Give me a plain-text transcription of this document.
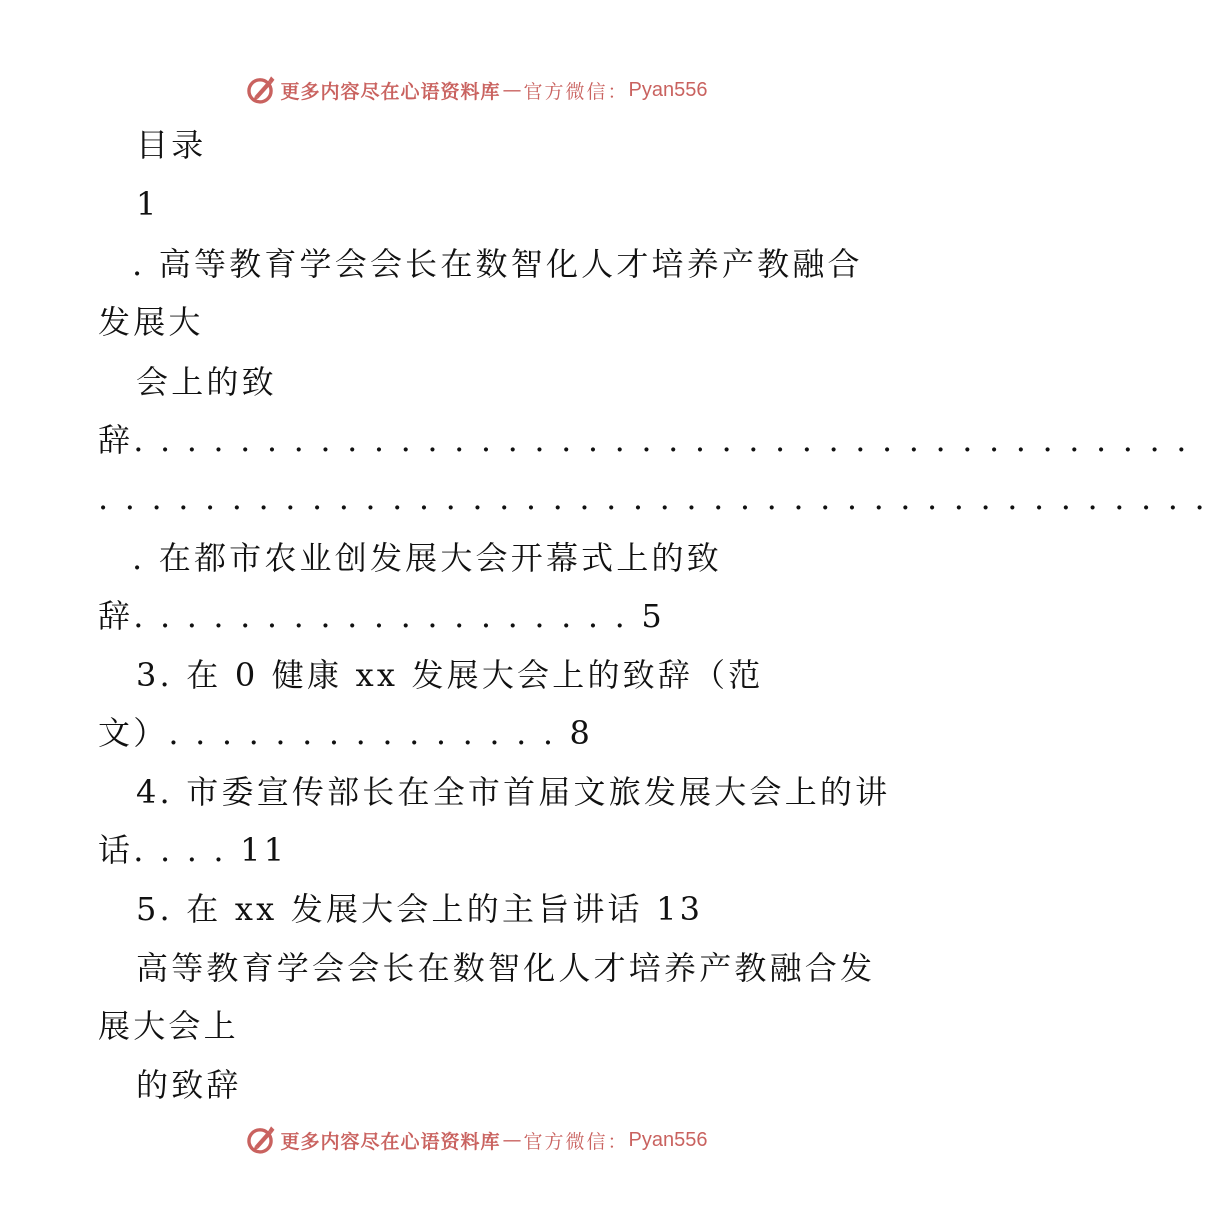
更多内容尽在心语资料库 — 官方微信： Pyan556
目录
1
. 高等教育学会会长在数智化人才培养产教融合
发展大
会上的致
辞. . . . . . . . . . . . . . . . . . . . . . . . . . . . . . . . . . . . . . . .
. . . . . . . . . . . . . . . . . . . . . . . . . . . . . . . . . . . . . . . . . .
. 在都市农业创发展大会开幕式上的致
辞. . . . . . . . . . . . . . . . . . . 5
3. 在 0 健康 xx 发展大会上的致辞（范
文）. . . . . . . . . . . . . . . 8
4. 市委宣传部长在全市首届文旅发展大会上的讲
话. . . . 11
5. 在 xx 发展大会上的主旨讲话 13
高等教育学会会长在数智化人才培养产教融合发
展大会上
的致辞
更多内容尽在心语资料库 — 官方微信： Pyan556
